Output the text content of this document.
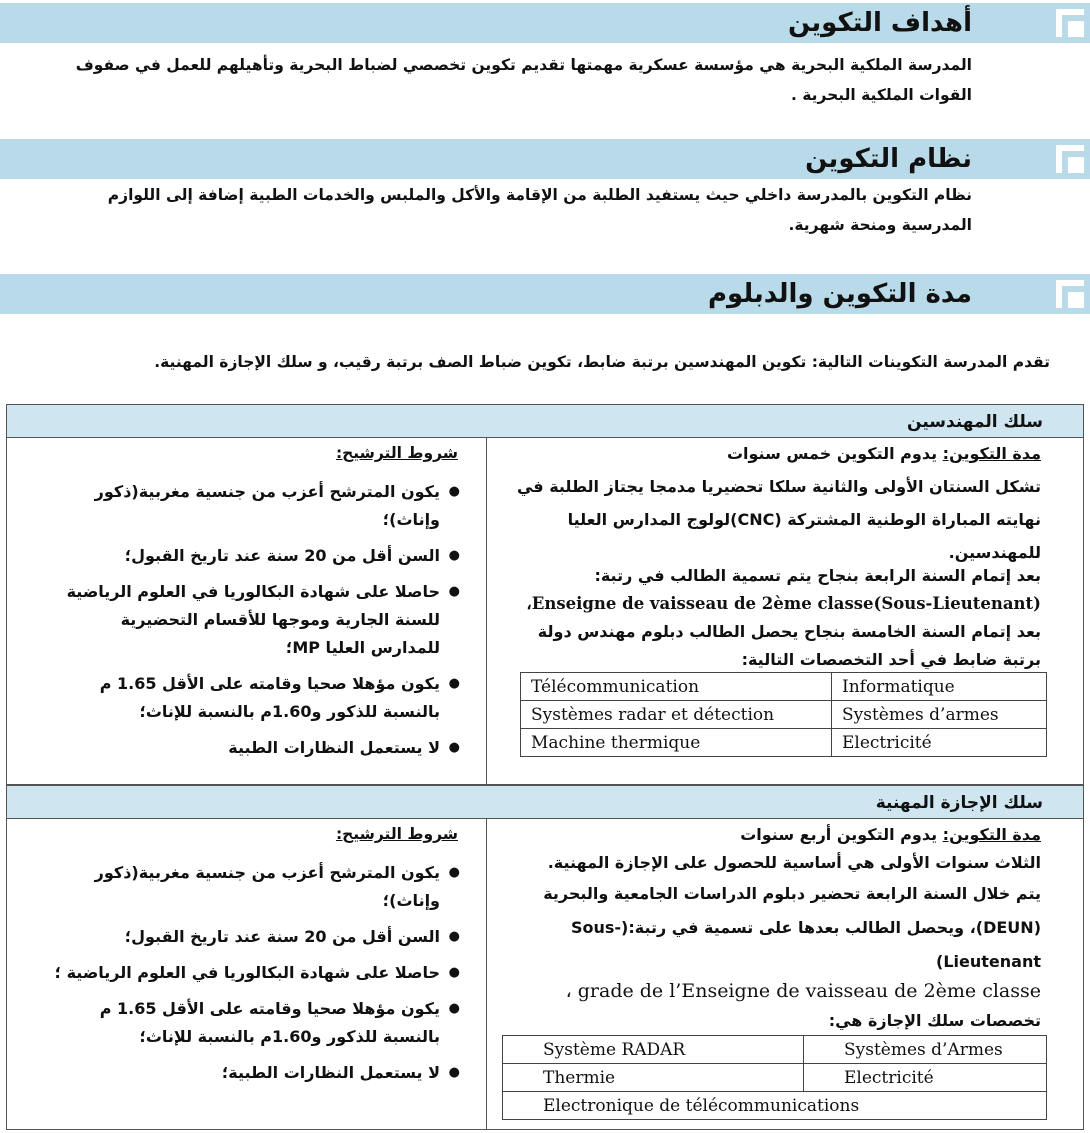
أهداف التكوين
المدرسة الملكية البحرية هي مؤسسة عسكرية مهمتها تقديم تكوين تخصصي لضباط البحرية وتأهيلهم للعمل في صفوف القوات الملكية البحرية .
نظام التكوين
نظام التكوين بالمدرسة داخلي حيث يستفيد الطلبة من الإقامة والأكل والملبس والخدمات الطبية إضافة إلى اللوازم المدرسية ومنحة شهرية.
مدة التكوين والدبلوم
تقدم المدرسة التكوينات التالية: تكوين المهندسين برتبة ضابط، تكوين ضباط الصف برتبة رقيب، و سلك الإجازة المهنية.
سلك المهندسين
شروط الترشيح:
● يكون المترشح أعزب من جنسية مغربية(ذكور وإناث)؛
● السن أقل من 20 سنة عند تاريخ القبول؛
● حاصلا على شهادة البكالوريا في العلوم الرياضية للسنة الجارية وموجها للأقسام التحضيرية للمدارس العليا MP؛
● يكون مؤهلا صحيا وقامته على الأقل 1.65 م بالنسبة للذكور و1.60م بالنسبة للإناث؛
● لا يستعمل النظارات الطبية
مدة التكوين: يدوم التكوين خمس سنوات
تشكل السنتان الأولى والثانية سلكا تحضيريا مدمجا يجتاز الطلبة في نهايته المباراة الوطنية المشتركة (CNC)لولوج المدارس العليا للمهندسين.
بعد إتمام السنة الرابعة بنجاح يتم تسمية الطالب في رتبة:
Enseigne de vaisseau de 2ème classe(Sous-Lieutenant)،
بعد إتمام السنة الخامسة بنجاح يحصل الطالب دبلوم مهندس دولة برتبة ضابط في أحد التخصصات التالية:
Télécommunication	Informatique
Systèmes radar et détection	Systèmes d’armes
Machine thermique	Electricité
سلك الإجازة المهنية
شروط الترشيح:
● يكون المترشح أعزب من جنسية مغربية(ذكور وإناث)؛
● السن أقل من 20 سنة عند تاريخ القبول؛
● حاصلا على شهادة البكالوريا في العلوم الرياضية ؛
● يكون مؤهلا صحيا وقامته على الأقل 1.65 م بالنسبة للذكور و1.60م بالنسبة للإناث؛
● لا يستعمل النظارات الطبية؛
مدة التكوين: يدوم التكوين أربع سنوات
الثلاث سنوات الأولى هي أساسية للحصول على الإجازة المهنية.
يتم خلال السنة الرابعة تحضير دبلوم الدراسات الجامعية والبحرية (DEUN)، ويحصل الطالب بعدها على تسمية في رتبة:(Sous-Lieutenant)
grade de l’Enseigne de vaisseau de 2ème classe ،
تخصصات سلك الإجازة هي:
Système RADAR	Systèmes d’Armes
Thermie	Electricité
Electronique de télécommunications	
